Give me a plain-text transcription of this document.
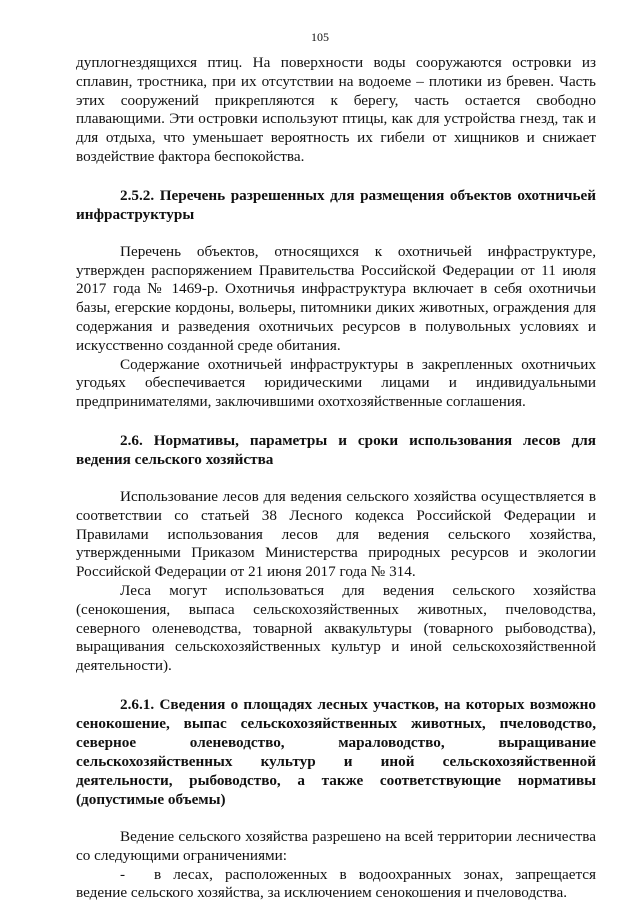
105

дуплогнездящихся птиц. На поверхности воды сооружаются островки из сплавин, тростника, при их отсутствии на водоеме – плотики из бревен. Часть этих сооружений прикрепляются к берегу, часть остается свободно плавающими. Эти островки используют птицы, как для устройства гнезд, так и для отдыха, что уменьшает вероятность их гибели от хищников и снижает воздействие фактора беспокойства.

2.5.2. Перечень разрешенных для размещения объектов охотничьей инфраструктуры

Перечень объектов, относящихся к охотничьей инфраструктуре, утвержден распоряжением Правительства Российской Федерации от 11 июля 2017 года № 1469-р. Охотничья инфраструктура включает в себя охотничьи базы, егерские кордоны, вольеры, питомники диких животных, ограждения для содержания и разведения охотничьих ресурсов в полувольных условиях и искусственно созданной среде обитания.

Содержание охотничьей инфраструктуры в закрепленных охотничьих угодьях обеспечивается юридическими лицами и индивидуальными предпринимателями, заключившими охотхозяйственные соглашения.

2.6. Нормативы, параметры и сроки использования лесов для ведения сельского хозяйства

Использование лесов для ведения сельского хозяйства осуществляется в соответствии со статьей 38 Лесного кодекса Российской Федерации и Правилами использования лесов для ведения сельского хозяйства, утвержденными Приказом Министерства природных ресурсов и экологии Российской Федерации от 21 июня 2017 года № 314.

Леса могут использоваться для ведения сельского хозяйства (сенокошения, выпаса сельскохозяйственных животных, пчеловодства, северного оленеводства, товарной аквакультуры (товарного рыбоводства), выращивания сельскохозяйственных культур и иной сельскохозяйственной деятельности).

2.6.1. Сведения о площадях лесных участков, на которых возможно сенокошение, выпас сельскохозяйственных животных, пчеловодство, северное оленеводство, мараловодство, выращивание сельскохозяйственных культур и иной сельскохозяйственной деятельности, рыбоводство, а также соответствующие нормативы (допустимые объемы)

Ведение сельского хозяйства разрешено на всей территории лесничества со следующими ограничениями:

- в лесах, расположенных в водоохранных зонах, запрещается ведение сельского хозяйства, за исключением сенокошения и пчеловодства.
